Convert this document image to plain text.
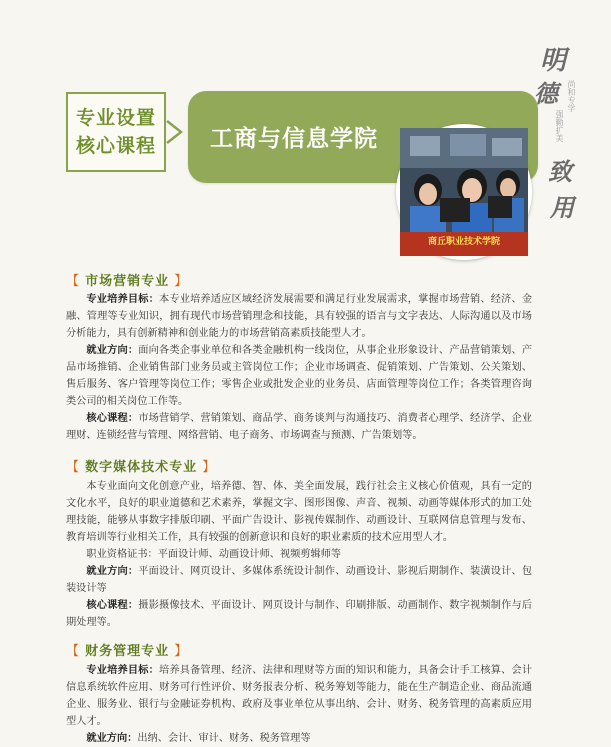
专业设置
核心课程 工商与信息学院
商丘职业技术学院
明
德 尚和专学
强勤扩美
致
用
【 市场营销专业 】

专业培养目标：本专业培养适应区域经济发展需要和满足行业发展需求，掌握市场营销、经济、金融、管理等专业知识，拥有现代市场营销理念和技能，具有较强的语言与文字表达、人际沟通以及市场分析能力，具有创新精神和创业能力的市场营销高素质技能型人才。

就业方向：面向各类企事业单位和各类金融机构一线岗位，从事企业形象设计、产品营销策划、产品市场推销、企业销售部门业务员或主管岗位工作；企业市场调查、促销策划、广告策划、公关策划、售后服务、客户管理等岗位工作；零售企业或批发企业的业务员、店面管理等岗位工作；各类管理咨询类公司的相关岗位工作等。

核心课程：市场营销学、营销策划、商品学、商务谈判与沟通技巧、消费者心理学、经济学、企业理财、连锁经营与管理、网络营销、电子商务、市场调查与预测、广告策划等。

【 数字媒体技术专业 】

本专业面向文化创意产业，培养德、智、体、美全面发展，践行社会主义核心价值观，具有一定的文化水平，良好的职业道德和艺术素养，掌握文字、图形图像、声音、视频、动画等媒体形式的加工处理技能，能够从事数字排版印刷、平面广告设计、影视传媒制作、动画设计、互联网信息管理与发布、教育培训等行业相关工作，具有较强的创新意识和良好的职业素质的技术应用型人才。

职业资格证书：平面设计师、动画设计师、视频剪辑师等

就业方向：平面设计、网页设计、多媒体系统设计制作、动画设计、影视后期制作、装潢设计、包装设计等

核心课程：摄影摄像技术、平面设计、网页设计与制作、印刷排版、动画制作、数字视频制作与后期处理等。

【 财务管理专业 】

专业培养目标：培养具备管理、经济、法律和理财等方面的知识和能力，具备会计手工核算、会计信息系统软件应用、财务可行性评价、财务报表分析、税务筹划等能力，能在生产制造企业、商品流通企业、服务业、银行与金融证券机构、政府及事业单位从事出纳、会计、财务、税务管理的高素质应用型人才。

就业方向：出纳、会计、审计、财务、税务管理等
